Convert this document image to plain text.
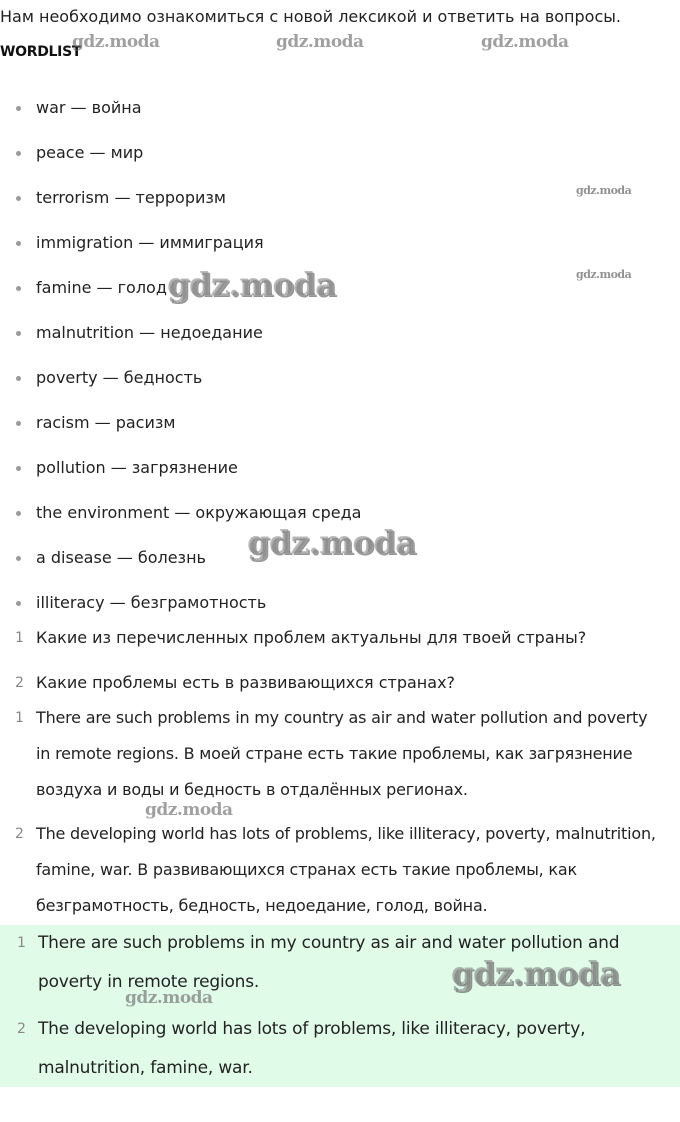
Нам необходимо ознакомиться с новой лексикой и ответить на вопросы.
WORDLIST
war — война
peace — мир
terrorism — терроризм
immigration — иммиграция
famine — голод
malnutrition — недоедание
poverty — бедность
racism — расизм
pollution — загрязнение
the environment — окружающая среда
a disease — болезнь
illiteracy — безграмотность
1 Какие из перечисленных проблем актуальны для твоей страны?
2 Какие проблемы есть в развивающихся странах?
1 There are such problems in my country as air and water pollution and poverty
in remote regions. В моей стране есть такие проблемы, как загрязнение
воздуха и воды и бедность в отдалённых регионах.
2 The developing world has lots of problems, like illiteracy, poverty, malnutrition,
famine, war. В развивающихся странах есть такие проблемы, как
безграмотность, бедность, недоедание, голод, война.
1 There are such problems in my country as air and water pollution and
poverty in remote regions.
2 The developing world has lots of problems, like illiteracy, poverty,
malnutrition, famine, war.
gdz.moda	gdz.moda	gdz.moda
gdz.moda
gdz.moda
gdz.moda
gdz.moda
gdz.moda
gdz.moda
gdz.moda
